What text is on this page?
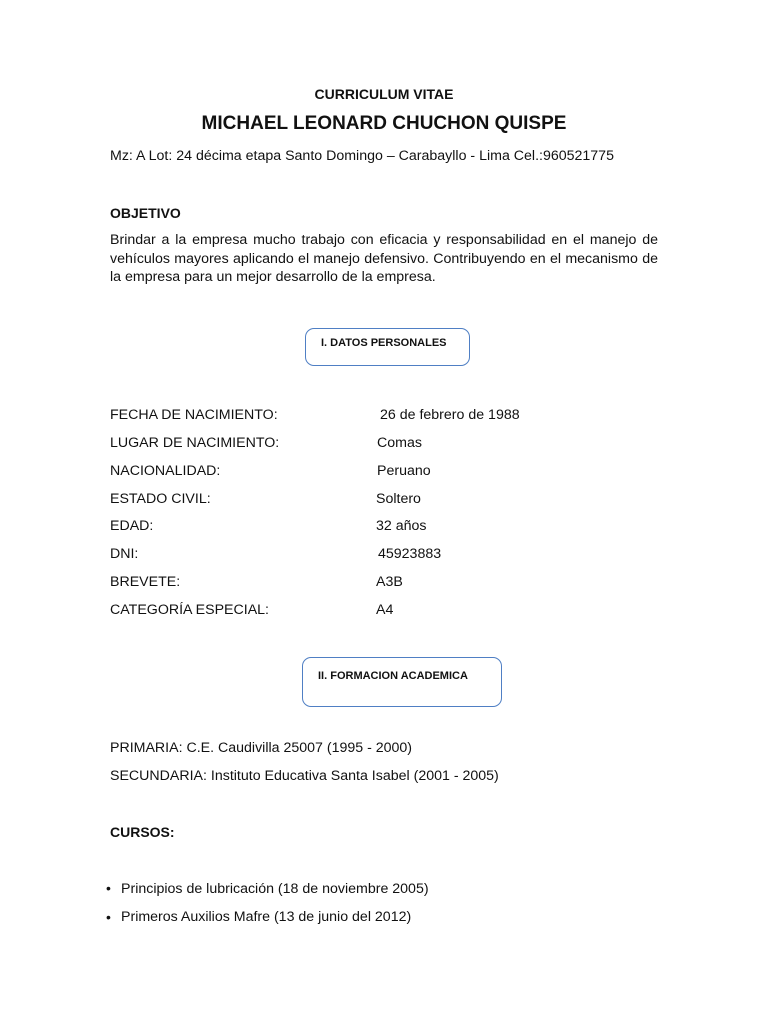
CURRICULUM VITAE
MICHAEL LEONARD CHUCHON QUISPE
Mz: A Lot: 24 décima etapa Santo Domingo – Carabayllo - Lima Cel.:960521775
OBJETIVO
Brindar a la empresa mucho trabajo con eficacia y responsabilidad en el manejo de vehículos mayores aplicando el manejo defensivo. Contribuyendo en el mecanismo de la empresa para un mejor desarrollo de la empresa.
I. DATOS PERSONALES
FECHA DE NACIMIENTO:	26 de febrero de 1988
LUGAR DE NACIMIENTO:	Comas
NACIONALIDAD:	Peruano
ESTADO CIVIL:	Soltero
EDAD:	32 años
DNI:	45923883
BREVETE:	A3B
CATEGORÍA ESPECIAL:	A4
II. FORMACION ACADEMICA
PRIMARIA: C.E. Caudivilla 25007 (1995 - 2000)
SECUNDARIA: Instituto Educativa Santa Isabel (2001 - 2005)
CURSOS:
• Principios de lubricación (18 de noviembre 2005)
• Primeros Auxilios Mafre (13 de junio del 2012)
